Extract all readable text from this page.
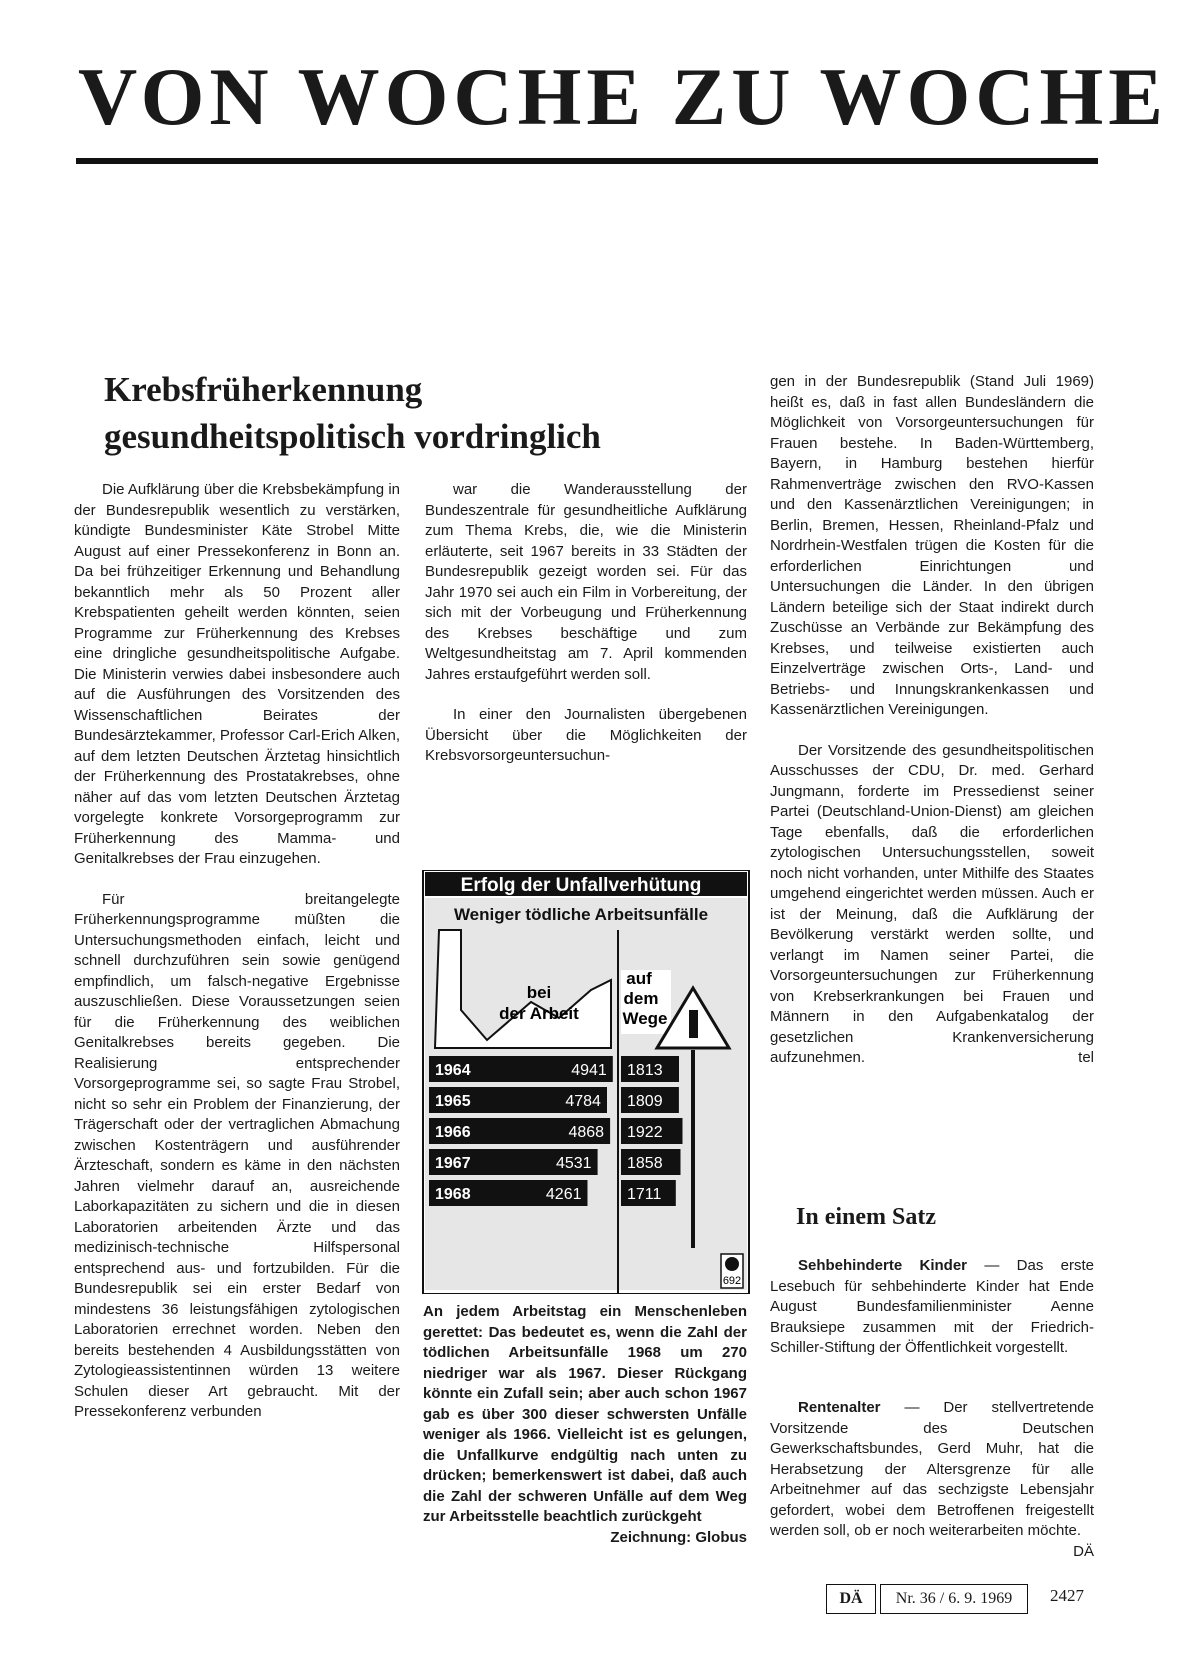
VON WOCHE ZU WOCHE
Krebsfrüherkennung
gesundheitspolitisch vordringlich

Die Aufklärung über die Krebsbekämpfung in der Bundesrepublik wesentlich zu verstärken, kündigte Bundesminister Käte Strobel Mitte August auf einer Pressekonferenz in Bonn an. Da bei frühzeitiger Erkennung und Behandlung bekanntlich mehr als 50 Prozent aller Krebspatienten geheilt werden könnten, seien Programme zur Früherkennung des Krebses eine dringliche gesundheitspolitische Aufgabe. Die Ministerin verwies dabei insbesondere auch auf die Ausführungen des Vorsitzenden des Wissenschaftlichen Beirates der Bundesärztekammer, Professor Carl-Erich Alken, auf dem letzten Deutschen Ärztetag hinsichtlich der Früherkennung des Prostatakrebses, ohne näher auf das vom letzten Deutschen Ärztetag vorgelegte konkrete Vorsorgeprogramm zur Früherkennung des Mamma- und Genitalkrebses der Frau einzugehen.

Für breitangelegte Früherkennungsprogramme müßten die Untersuchungsmethoden einfach, leicht und schnell durchzuführen sein sowie genügend empfindlich, um falsch-negative Ergebnisse auszuschließen. Diese Voraussetzungen seien für die Früherkennung des weiblichen Genitalkrebses bereits gegeben. Die Realisierung entsprechender Vorsorgeprogramme sei, so sagte Frau Strobel, nicht so sehr ein Problem der Finanzierung, der Trägerschaft oder der vertraglichen Abmachung zwischen Kostenträgern und ausführender Ärzteschaft, sondern es käme in den nächsten Jahren vielmehr darauf an, ausreichende Laborkapazitäten zu sichern und die in diesen Laboratorien arbeitenden Ärzte und das medizinisch-technische Hilfspersonal entsprechend aus- und fortzubilden. Für die Bundesrepublik sei ein erster Bedarf von mindestens 36 leistungsfähigen zytologischen Laboratorien errechnet worden. Neben den bereits bestehenden 4 Ausbildungsstätten von Zytologieassistentinnen würden 13 weitere Schulen dieser Art gebraucht. Mit der Pressekonferenz verbunden

war die Wanderausstellung der Bundeszentrale für gesundheitliche Aufklärung zum Thema Krebs, die, wie die Ministerin erläuterte, seit 1967 bereits in 33 Städten der Bundesrepublik gezeigt worden sei. Für das Jahr 1970 sei auch ein Film in Vorbereitung, der sich mit der Vorbeugung und Früherkennung des Krebses beschäftige und zum Weltgesundheitstag am 7. April kommenden Jahres erstaufgeführt werden soll.

In einer den Journalisten übergebenen Übersicht über die Möglichkeiten der Krebsvorsorgeuntersuchun-

gen in der Bundesrepublik (Stand Juli 1969) heißt es, daß in fast allen Bundesländern die Möglichkeit von Vorsorgeuntersuchungen für Frauen bestehe. In Baden-Württemberg, Bayern, in Hamburg bestehen hierfür Rahmenverträge zwischen den RVO-Kassen und den Kassenärztlichen Vereinigungen; in Berlin, Bremen, Hessen, Rheinland-Pfalz und Nordrhein-Westfalen trügen die Kosten für die erforderlichen Einrichtungen und Untersuchungen die Länder. In den übrigen Ländern beteilige sich der Staat indirekt durch Zuschüsse an Verbände zur Bekämpfung des Krebses, und teilweise existierten auch Einzelverträge zwischen Orts-, Land- und Betriebs- und Innungskrankenkassen und Kassenärztlichen Vereinigungen.

Der Vorsitzende des gesundheitspolitischen Ausschusses der CDU, Dr. med. Gerhard Jungmann, forderte im Pressedienst seiner Partei (Deutschland-Union-Dienst) am gleichen Tage ebenfalls, daß die erforderlichen zytologischen Untersuchungsstellen, soweit noch nicht vorhanden, unter Mithilfe des Staates umgehend eingerichtet werden müssen. Auch er ist der Meinung, daß die Aufklärung der Bevölkerung verstärkt werden sollte, und verlangt im Namen seiner Partei, die Vorsorgeuntersuchungen zur Früherkennung von Krebserkrankungen bei Frauen und Männern in den Aufgabenkatalog der gesetzlichen Krankenversicherung aufzunehmen.	tel

Erfolg der Unfallverhütung
Weniger tödliche Arbeitsunfälle
bei
der Arbeit
auf
dem
Wege
1964	4941 1813
1965	4784 1809
1966	4868 1922
1967	4531 1858
1968	4261	1711
692
An jedem Arbeitstag ein Menschenleben gerettet: Das bedeutet es, wenn die Zahl der tödlichen Arbeitsunfälle 1968 um 270 niedriger war als 1967. Dieser Rückgang könnte ein Zufall sein; aber auch schon 1967 gab es über 300 dieser schwersten Unfälle weniger als 1966. Vielleicht ist es gelungen, die Unfallkurve endgültig nach unten zu drücken; bemerkenswert ist dabei, daß auch die Zahl der schweren Unfälle auf dem Weg zur Arbeitsstelle beachtlich zurückgeht
Zeichnung: Globus
In einem Satz

Sehbehinderte Kinder — Das erste Lesebuch für sehbehinderte Kinder hat Ende August Bundesfamilienminister Aenne Brauksiepe zusammen mit der Friedrich-Schiller-Stiftung der Öffentlichkeit vorgestellt.

Rentenalter — Der stellvertretende Vorsitzende des Deutschen Gewerkschaftsbundes, Gerd Muhr, hat die Herabsetzung der Altersgrenze für alle Arbeitnehmer auf das sechzigste Lebensjahr gefordert, wobei dem Betroffenen freigestellt werden soll, ob er noch weiterarbeiten möchte.
DÄ

DÄ	Nr. 36 / 6. 9. 1969	2427
